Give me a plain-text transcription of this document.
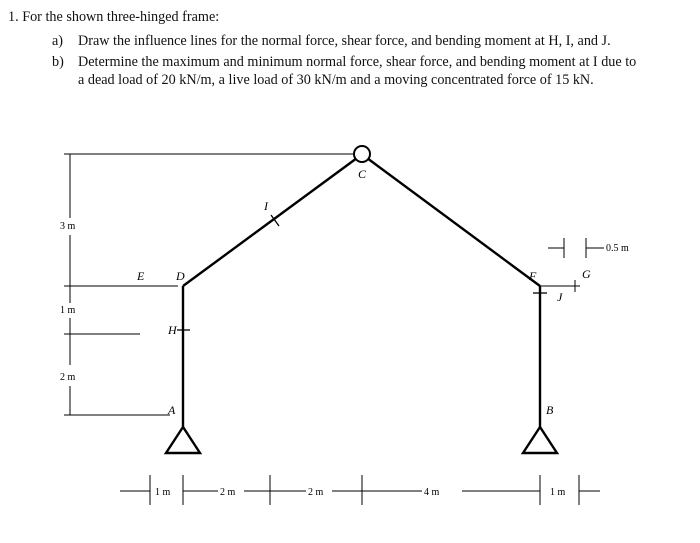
1. For the shown three-hinged frame:
a) Draw the influence lines for the normal force, shear force, and bending moment at H, I, and J.
b) Determine the maximum and minimum normal force, shear force, and bending moment at I due to a dead load of 20 kN/m, a live load of 30 kN/m and a moving concentrated force of 15 kN.
E	D
C
I
H
A
F	G
J
B
3 m
1 m
2 m
1 m	2 m	2 m	4 m	1 m
0.5 m
